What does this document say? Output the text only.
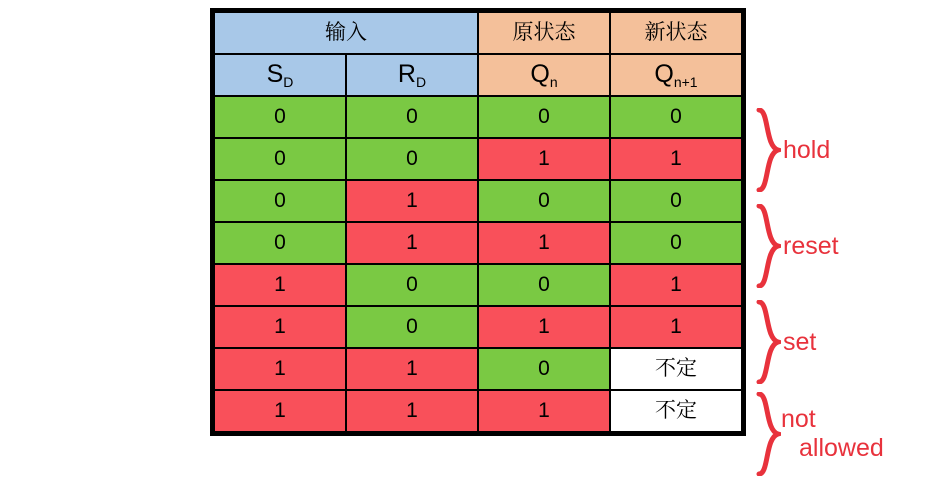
输入		原状态	新状态
$S_D$	$R_D$	$Q_n$	$Q_{n+1}$
0	0	0	0
0	0	1	1
0	1	0	0
0	1	1	0
1	0	0	1
1	0	1	1
1	1	0	不定
1	1	1	不定
hold
reset
set
not
allowed
